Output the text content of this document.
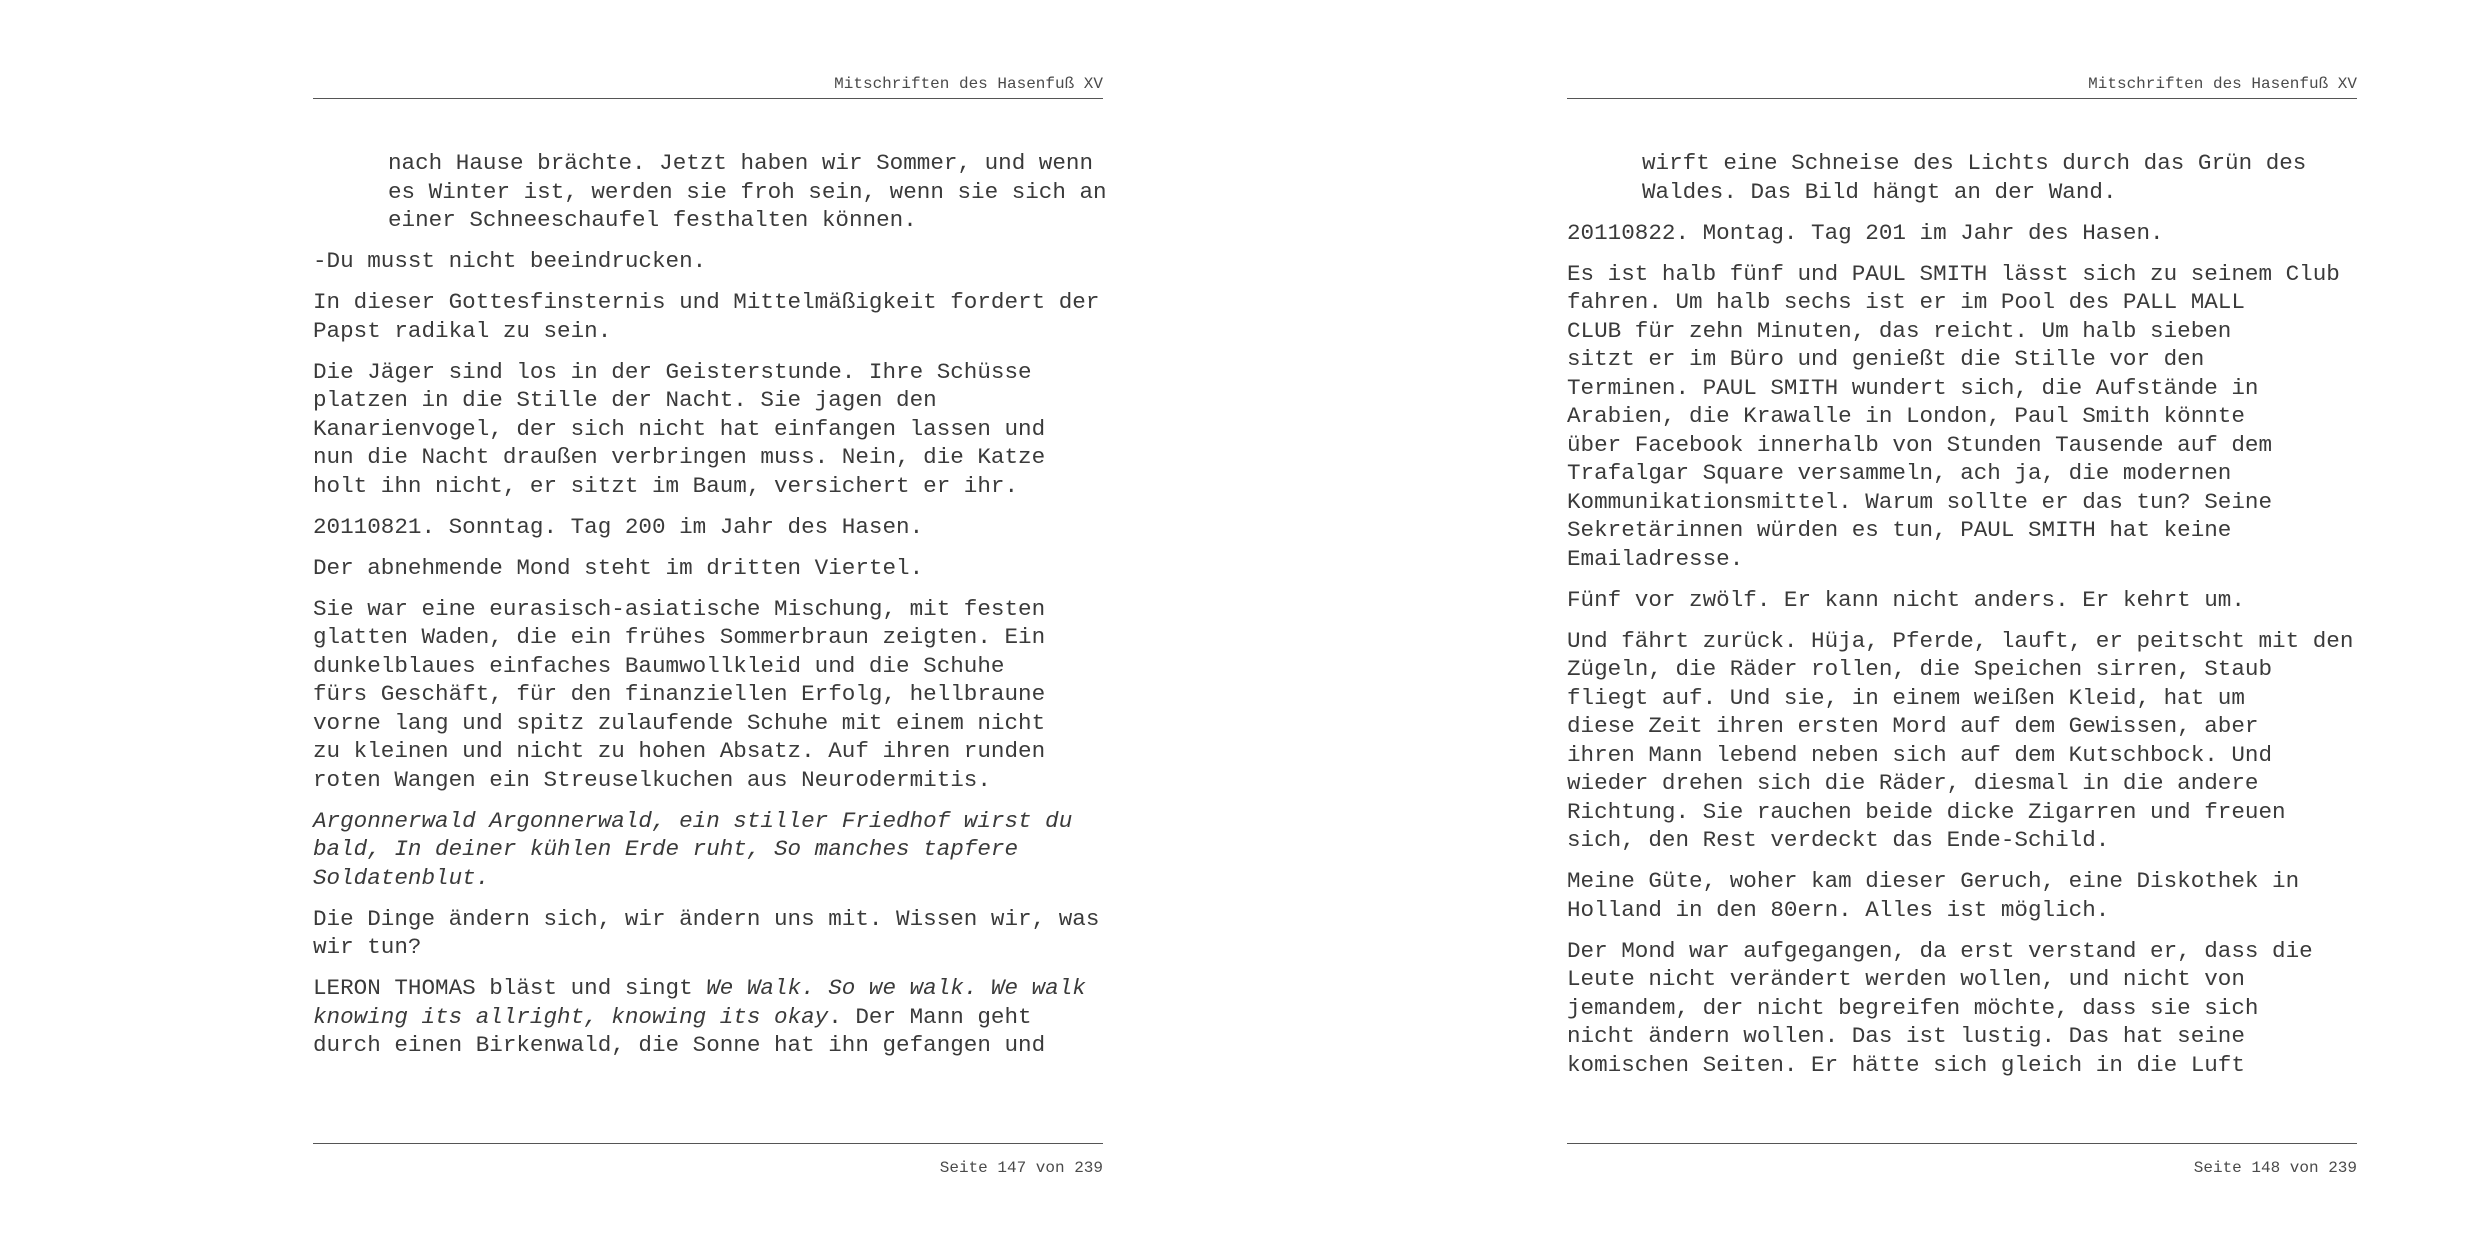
Mitschriften des Hasenfuß XV

nach Hause brächte. Jetzt haben wir Sommer, und wenn
es Winter ist, werden sie froh sein, wenn sie sich an
einer Schneeschaufel festhalten können.

-Du musst nicht beeindrucken.

In dieser Gottesfinsternis und Mittelmäßigkeit fordert der
Papst radikal zu sein.

Die Jäger sind los in der Geisterstunde. Ihre Schüsse
platzen in die Stille der Nacht. Sie jagen den
Kanarienvogel, der sich nicht hat einfangen lassen und
nun die Nacht draußen verbringen muss. Nein, die Katze
holt ihn nicht, er sitzt im Baum, versichert er ihr.

20110821. Sonntag. Tag 200 im Jahr des Hasen.

Der abnehmende Mond steht im dritten Viertel.

Sie war eine eurasisch-asiatische Mischung, mit festen
glatten Waden, die ein frühes Sommerbraun zeigten. Ein
dunkelblaues einfaches Baumwollkleid und die Schuhe
fürs Geschäft, für den finanziellen Erfolg, hellbraune
vorne lang und spitz zulaufende Schuhe mit einem nicht
zu kleinen und nicht zu hohen Absatz. Auf ihren runden
roten Wangen ein Streuselkuchen aus Neurodermitis.

Argonnerwald Argonnerwald, ein stiller Friedhof wirst du
bald, In deiner kühlen Erde ruht, So manches tapfere
Soldatenblut.

Die Dinge ändern sich, wir ändern uns mit. Wissen wir, was
wir tun?

LERON THOMAS bläst und singt We Walk. So we walk. We walk
knowing its allright, knowing its okay. Der Mann geht
durch einen Birkenwald, die Sonne hat ihn gefangen und

Seite 147 von 239
Mitschriften des Hasenfuß XV

wirft eine Schneise des Lichts durch das Grün des
Waldes. Das Bild hängt an der Wand.

20110822. Montag. Tag 201 im Jahr des Hasen.

Es ist halb fünf und PAUL SMITH lässt sich zu seinem Club
fahren. Um halb sechs ist er im Pool des PALL MALL
CLUB für zehn Minuten, das reicht. Um halb sieben
sitzt er im Büro und genießt die Stille vor den
Terminen. PAUL SMITH wundert sich, die Aufstände in
Arabien, die Krawalle in London, Paul Smith könnte
über Facebook innerhalb von Stunden Tausende auf dem
Trafalgar Square versammeln, ach ja, die modernen
Kommunikationsmittel. Warum sollte er das tun? Seine
Sekretärinnen würden es tun, PAUL SMITH hat keine
Emailadresse.

Fünf vor zwölf. Er kann nicht anders. Er kehrt um.

Und fährt zurück. Hüja, Pferde, lauft, er peitscht mit den
Zügeln, die Räder rollen, die Speichen sirren, Staub
fliegt auf. Und sie, in einem weißen Kleid, hat um
diese Zeit ihren ersten Mord auf dem Gewissen, aber
ihren Mann lebend neben sich auf dem Kutschbock. Und
wieder drehen sich die Räder, diesmal in die andere
Richtung. Sie rauchen beide dicke Zigarren und freuen
sich, den Rest verdeckt das Ende-Schild.

Meine Güte, woher kam dieser Geruch, eine Diskothek in
Holland in den 80ern. Alles ist möglich.

Der Mond war aufgegangen, da erst verstand er, dass die
Leute nicht verändert werden wollen, und nicht von
jemandem, der nicht begreifen möchte, dass sie sich
nicht ändern wollen. Das ist lustig. Das hat seine
komischen Seiten. Er hätte sich gleich in die Luft

Seite 148 von 239
